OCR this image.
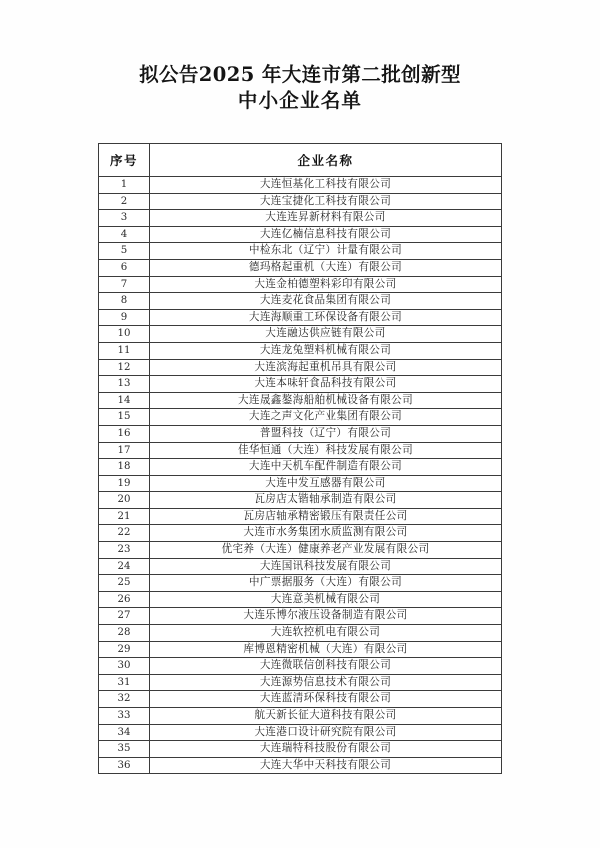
拟公告2025 年大连市第二批创新型
中小企业名单
序号	企业名称
1	大连恒基化工科技有限公司
2	大连宝捷化工科技有限公司
3	大连连昇新材料有限公司
4	大连亿楠信息科技有限公司
5	中检东北（辽宁）计量有限公司
6	德玛格起重机（大连）有限公司
7	大连金柏德塑料彩印有限公司
8	大连麦花食品集团有限公司
9	大连海顺重工环保设备有限公司
10	大连融达供应链有限公司
11	大连龙兔塑料机械有限公司
12	大连滨海起重机吊具有限公司
13	大连本味轩食品科技有限公司
14	大连晟鑫鏊海船舶机械设备有限公司
15	大连之声文化产业集团有限公司
16	普盟科技（辽宁）有限公司
17	佳华恒通（大连）科技发展有限公司
18	大连中天机车配件制造有限公司
19	大连中发互感器有限公司
20	瓦房店太锴轴承制造有限公司
21	瓦房店轴承精密锻压有限责任公司
22	大连市水务集团水质监测有限公司
23	优宅养（大连）健康养老产业发展有限公司
24	大连国讯科技发展有限公司
25	中广票据服务（大连）有限公司
26	大连意美机械有限公司
27	大连乐博尔液压设备制造有限公司
28	大连软控机电有限公司
29	库博恩精密机械（大连）有限公司
30	大连微联信创科技有限公司
31	大连源势信息技术有限公司
32	大连蓝清环保科技有限公司
33	航天新长征大道科技有限公司
34	大连港口设计研究院有限公司
35	大连瑞特科技股份有限公司
36	大连大华中天科技有限公司
